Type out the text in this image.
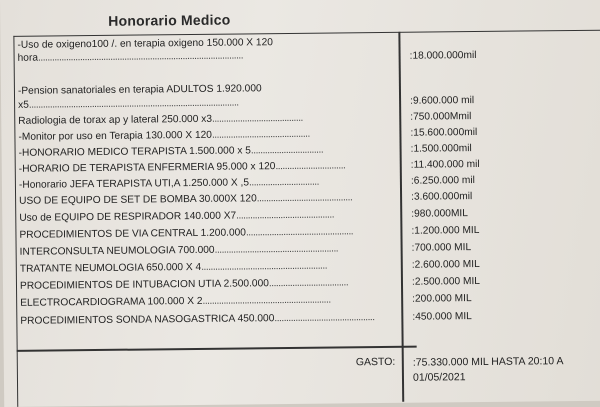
Honorario Medico
-Uso de oxigeno100 /. en terapia oxigeno 150.000 X 120
hora........................................................................................	:18.000.000mil
-Pension sanatoriales en terapia ADULTOS 1.920.000
x5..........................................................................................	:9.600.000 mil
Radiologia de torax ap y lateral 250.000 x3.......................................	:750.000Mmil
-Monitor por uso en Terapia 130.000 X 120..........................................	:15.600.000mil
-HONORARIO MEDICO TERAPISTA 1.500.000 x 5...............................	:1.500.000mil
-HORARIO DE TERAPISTA ENFERMERIA 95.000 x 120..............................	:11.400.000 mil
-Honorario JEFA TERAPISTA UTI,A 1.250.000 X ,5..............................	:6.250.000 mil
USO DE EQUIPO DE SET DE BOMBA 30.000X 120.........................................	:3.600.000mil
Uso de EQUIPO DE RESPIRADOR 140.000 X7..........................................	:980.000MIL
PROCEDIMIENTOS DE VIA CENTRAL 1.200.000..............................................	:1.200.000 MIL
INTERCONSULTA NEUMOLOGIA 700.000.....................................................	:700.000 MIL
TRATANTE NEUMOLOGIA 650.000 X 4......................................................	:2.600.000 MIL
PROCEDIMIENTOS DE INTUBACION UTIA 2.500.000..................................	:2.500.000 MIL
ELECTROCARDIOGRAMA 100.000 X 2.......................................................	:200.000 MIL
PROCEDIMIENTOS SONDA NASOGASTRICA 450.000...........................................	:450.000 MIL
GASTO: :75.330.000 MIL HASTA 20:10 A
01/05/2021
